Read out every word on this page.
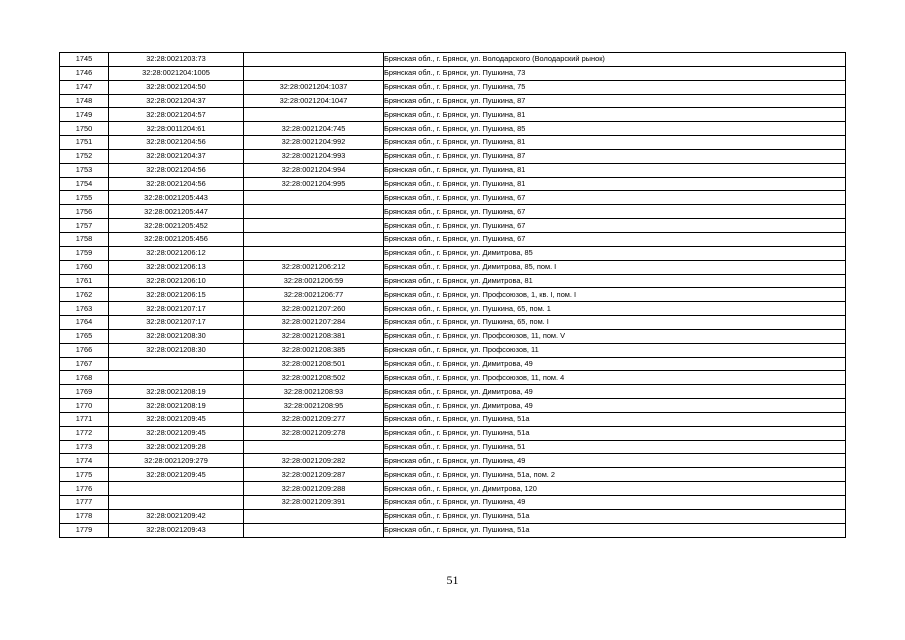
1745	32:28:0021203:73		Брянская обл., г. Брянск, ул. Володарского (Володарский рынок)
1746	32:28:0021204:1005		Брянская обл., г. Брянск, ул. Пушкина, 73
1747	32:28:0021204:50	32:28:0021204:1037	Брянская обл., г. Брянск, ул. Пушкина, 75
1748	32:28:0021204:37	32:28:0021204:1047	Брянская обл., г. Брянск, ул. Пушкина, 87
1749	32:28:0021204:57		Брянская обл., г. Брянск, ул. Пушкина, 81
1750	32:28:0011204:61	32:28:0021204:745	Брянская обл., г. Брянск, ул. Пушкина, 85
1751	32:28:0021204:56	32:28:0021204:992	Брянская обл., г. Брянск, ул. Пушкина, 81
1752	32:28:0021204:37	32:28:0021204:993	Брянская обл., г. Брянск, ул. Пушкина, 87
1753	32:28:0021204:56	32:28:0021204:994	Брянская обл., г. Брянск, ул. Пушкина, 81
1754	32:28:0021204:56	32:28:0021204:995	Брянская обл., г. Брянск, ул. Пушкина, 81
1755	32:28:0021205:443		Брянская обл., г. Брянск, ул. Пушкина, 67
1756	32:28:0021205:447		Брянская обл., г. Брянск, ул. Пушкина, 67
1757	32:28:0021205:452		Брянская обл., г. Брянск, ул. Пушкина, 67
1758	32:28:0021205:456		Брянская обл., г. Брянск, ул. Пушкина, 67
1759	32:28:0021206:12		Брянская обл., г. Брянск, ул. Димитрова, 85
1760	32:28:0021206:13	32:28:0021206:212	Брянская обл., г. Брянск, ул. Димитрова, 85, пом. I
1761	32:28:0021206:10	32:28:0021206:59	Брянская обл., г. Брянск, ул. Димитрова, 81
1762	32:28:0021206:15	32:28:0021206:77	Брянская обл., г. Брянск, ул. Профсоюзов, 1, кв. I, пом. I
1763	32:28:0021207:17	32:28:0021207:260	Брянская обл., г. Брянск, ул. Пушкина, 65, пом. 1
1764	32:28:0021207:17	32:28:0021207:284	Брянская обл., г. Брянск, ул. Пушкина, 65, пом. I
1765	32:28:0021208:30	32:28:0021208:381	Брянская обл., г. Брянск, ул. Профсоюзов, 11, пом. V
1766	32:28:0021208:30	32:28:0021208:385	Брянская обл., г. Брянск, ул. Профсоюзов, 11
1767		32:28:0021208:501	Брянская обл., г. Брянск, ул. Димитрова, 49
1768		32:28:0021208:502	Брянская обл., г. Брянск, ул. Профсоюзов, 11, пом. 4
1769	32:28:0021208:19	32:28:0021208:93	Брянская обл., г. Брянск, ул. Димитрова, 49
1770	32:28:0021208:19	32:28:0021208:95	Брянская обл., г. Брянск, ул. Димитрова, 49
1771	32:28:0021209:45	32:28:0021209:277	Брянская обл., г. Брянск, ул. Пушкина, 51а
1772	32:28:0021209:45	32:28:0021209:278	Брянская обл., г. Брянск, ул. Пушкина, 51а
1773	32:28:0021209:28		Брянская обл., г. Брянск, ул. Пушкина, 51
1774	32:28:0021209:279	32:28:0021209:282	Брянская обл., г. Брянск, ул. Пушкина, 49
1775	32:28:0021209:45	32:28:0021209:287	Брянская обл., г. Брянск, ул. Пушкина, 51а, пом. 2
1776		32:28:0021209:288	Брянская обл., г. Брянск, ул. Димитрова, 120
1777		32:28:0021209:391	Брянская обл., г. Брянск, ул. Пушкина, 49
1778	32:28:0021209:42		Брянская обл., г. Брянск, ул. Пушкина, 51а
1779	32:28:0021209:43		Брянская обл., г. Брянск, ул. Пушкина, 51а
51
